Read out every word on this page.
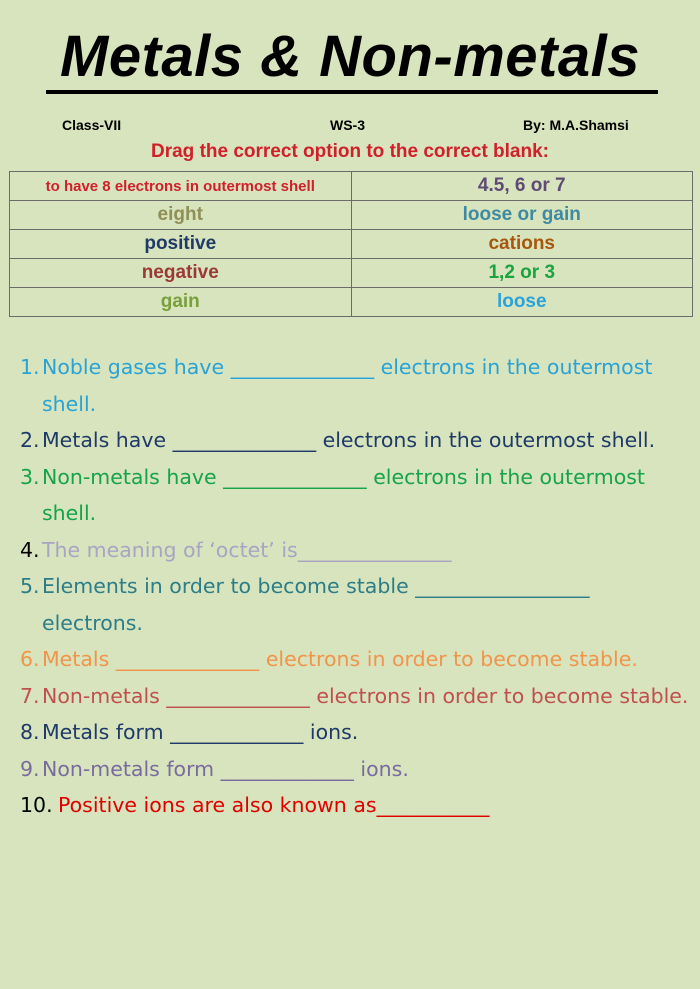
Metals & Non-metals
Class-VII	WS-3	By: M.A.Shamsi
Drag the correct option to the correct blank:
to have 8 electrons in outermost shell	4.5, 6 or 7
eight	loose or gain
positive	cations
negative	1,2 or 3
gain	loose
1. Noble gases have ______________ electrons in the outermost shell.
2. Metals have ______________ electrons in the outermost shell.
3. Non-metals have ______________ electrons in the outermost shell.
4. The meaning of ‘octet’ is_______________
5. Elements in order to become stable _________________ electrons.
6. Metals ______________ electrons in order to become stable.
7. Non-metals ______________ electrons in order to become stable.
8. Metals form _____________ ions.
9. Non-metals form _____________ ions.
10. Positive ions are also known as___________
